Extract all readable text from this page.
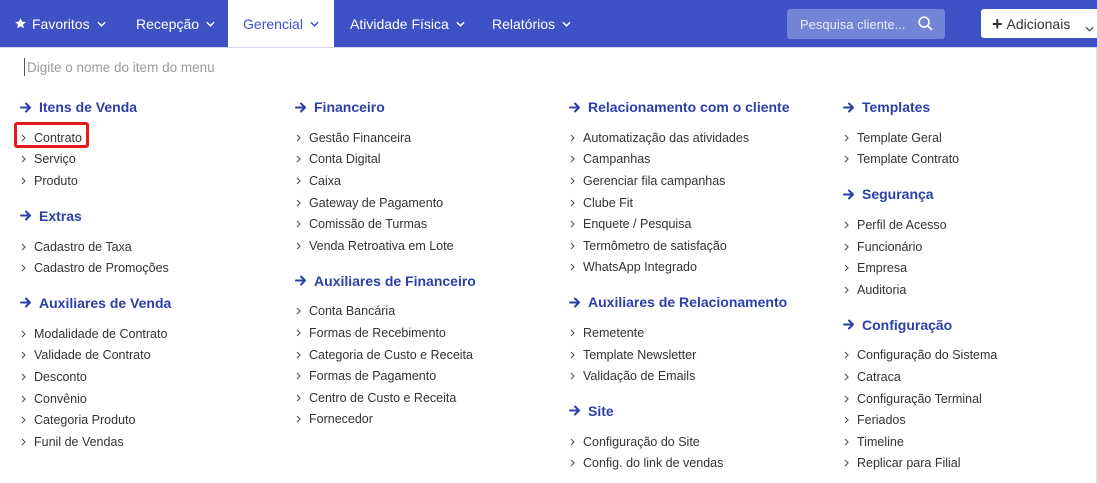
Favoritos	Recepção	Gerencial	Atividade Física	Relatórios
Pesquisa cliente...	+ Adicionais
Digite o nome do item do menu
Itens de Venda
Contrato
Serviço
Produto
Extras
Cadastro de Taxa
Cadastro de Promoções
Auxiliares de Venda
Modalidade de Contrato
Validade de Contrato
Desconto
Convênio
Categoria Produto
Funil de Vendas
Financeiro
Gestão Financeira
Conta Digital
Caixa
Gateway de Pagamento
Comissão de Turmas
Venda Retroativa em Lote
Auxiliares de Financeiro
Conta Bancária
Formas de Recebimento
Categoria de Custo e Receita
Formas de Pagamento
Centro de Custo e Receita
Fornecedor
Relacionamento com o cliente
Automatização das atividades
Campanhas
Gerenciar fila campanhas
Clube Fit
Enquete / Pesquisa
Termômetro de satisfação
WhatsApp Integrado
Auxiliares de Relacionamento
Remetente
Template Newsletter
Validação de Emails
Site
Configuração do Site
Config. do link de vendas
Templates
Template Geral
Template Contrato
Segurança
Perfil de Acesso
Funcionário
Empresa
Auditoria
Configuração
Configuração do Sistema
Catraca
Configuração Terminal
Feriados
Timeline
Replicar para Filial
